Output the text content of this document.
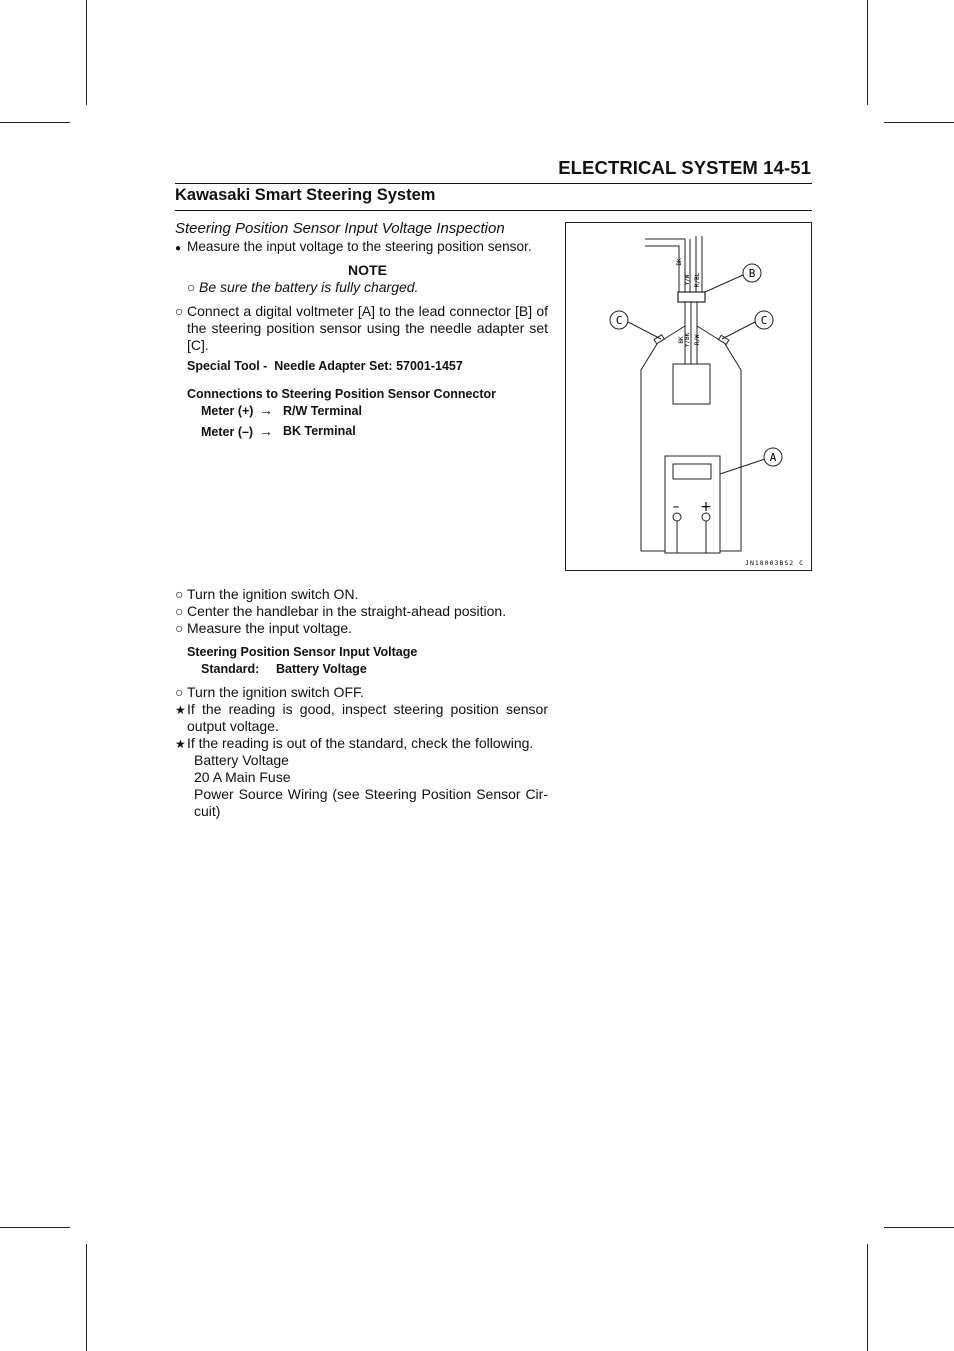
ELECTRICAL SYSTEM 14-51
Kawasaki Smart Steering System
Steering Position Sensor Input Voltage Inspection
● Measure the input voltage to the steering position sensor.
NOTE
○ Be sure the battery is fully charged.
○ Connect a digital voltmeter [A] to the lead connector [B] of the steering position sensor using the needle adapter set [C].
Special Tool -  Needle Adapter Set: 57001-1457
Connections to Steering Position Sensor Connector
Meter (+) → R/W Terminal
Meter (–) → BK Terminal
○ Turn the ignition switch ON.
○ Center the handlebar in the straight-ahead position.
○ Measure the input voltage.
Steering Position Sensor Input Voltage
Standard: Battery Voltage
○ Turn the ignition switch OFF.
★ If the reading is good, inspect steering position sensor output voltage.
★ If the reading is out of the standard, check the following.
Battery Voltage
20 A Main Fuse
Power Source Wiring (see Steering Position Sensor Cir-cuit)
B
C	C
A
BK
Y/W R/BL
BK Y/BK R/W
– +
JN18003BS2 C
